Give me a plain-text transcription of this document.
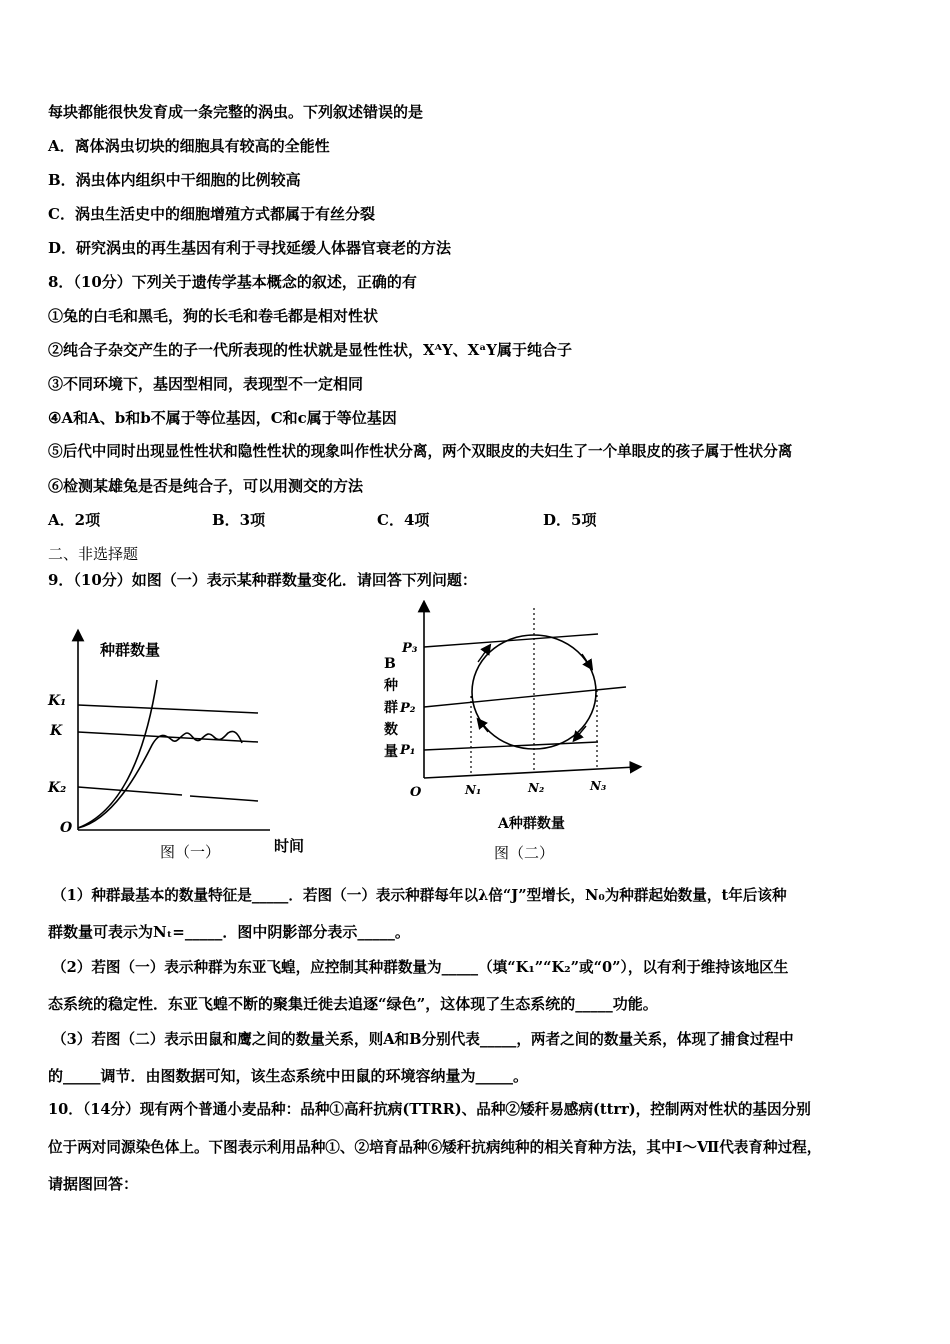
每块都能很快发育成一条完整的涡虫。下列叙述错误的是
A．离体涡虫切块的细胞具有较高的全能性
B．涡虫体内组织中干细胞的比例较高
C．涡虫生活史中的细胞增殖方式都属于有丝分裂
D．研究涡虫的再生基因有利于寻找延缓人体器官衰老的方法
8．（10分）下列关于遗传学基本概念的叙述，正确的有
①兔的白毛和黑毛，狗的长毛和卷毛都是相对性状
②纯合子杂交产生的子一代所表现的性状就是显性性状，XᴬY、XᵃY属于纯合子
③不同环境下，基因型相同，表现型不一定相同
④A和A、b和b不属于等位基因，C和c属于等位基因
⑤后代中同时出现显性性状和隐性性状的现象叫作性状分离，两个双眼皮的夫妇生了一个单眼皮的孩子属于性状分离
⑥检测某雄兔是否是纯合子，可以用测交的方法
A．2项	B．3项	C．4项	D．5项
二、非选择题
9．（10分）如图（一）表示某种群数量变化．请回答下列问题：
种群数量
时间
K₁
K
K₂
O
图（一）
B
种
群
数
量
P₃
P₂
P₁
O	N₁	N₂	N₃
A种群数量
图（二）
（1）种群最基本的数量特征是_____．若图（一）表示种群每年以λ倍“J”型增长，N₀为种群起始数量，t年后该种
群数量可表示为Nₜ=_____．图中阴影部分表示_____。
（2）若图（一）表示种群为东亚飞蝗，应控制其种群数量为_____（填“K₁”“K₂”或“0”），以有利于维持该地区生
态系统的稳定性．东亚飞蝗不断的聚集迁徙去追逐“绿色”，这体现了生态系统的_____功能。
（3）若图（二）表示田鼠和鹰之间的数量关系，则A和B分别代表_____，两者之间的数量关系，体现了捕食过程中
的_____调节．由图数据可知，该生态系统中田鼠的环境容纳量为_____。
10．（14分）现有两个普通小麦品种：品种①高秆抗病(TTRR)、品种②矮秆易感病(ttrr)，控制两对性状的基因分别
位于两对同源染色体上。下图表示利用品种①、②培育品种⑥矮秆抗病纯种的相关育种方法，其中Ⅰ～Ⅶ代表育种过程，
请据图回答：
